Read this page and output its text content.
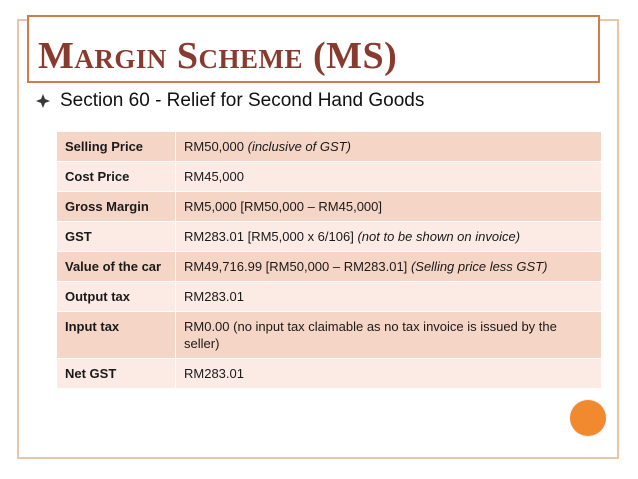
Margin Scheme (MS)
Section 60 - Relief for Second Hand Goods
Selling Price	RM50,000 (inclusive of GST)
Cost Price	RM45,000
Gross Margin	RM5,000 [RM50,000 – RM45,000]
GST	RM283.01 [RM5,000 x 6/106] (not to be shown on invoice)
Value of the car	RM49,716.99 [RM50,000 – RM283.01] (Selling price less GST)
Output tax	RM283.01
Input tax	RM0.00 (no input tax claimable as no tax invoice is issued by the seller)
Net GST	RM283.01
